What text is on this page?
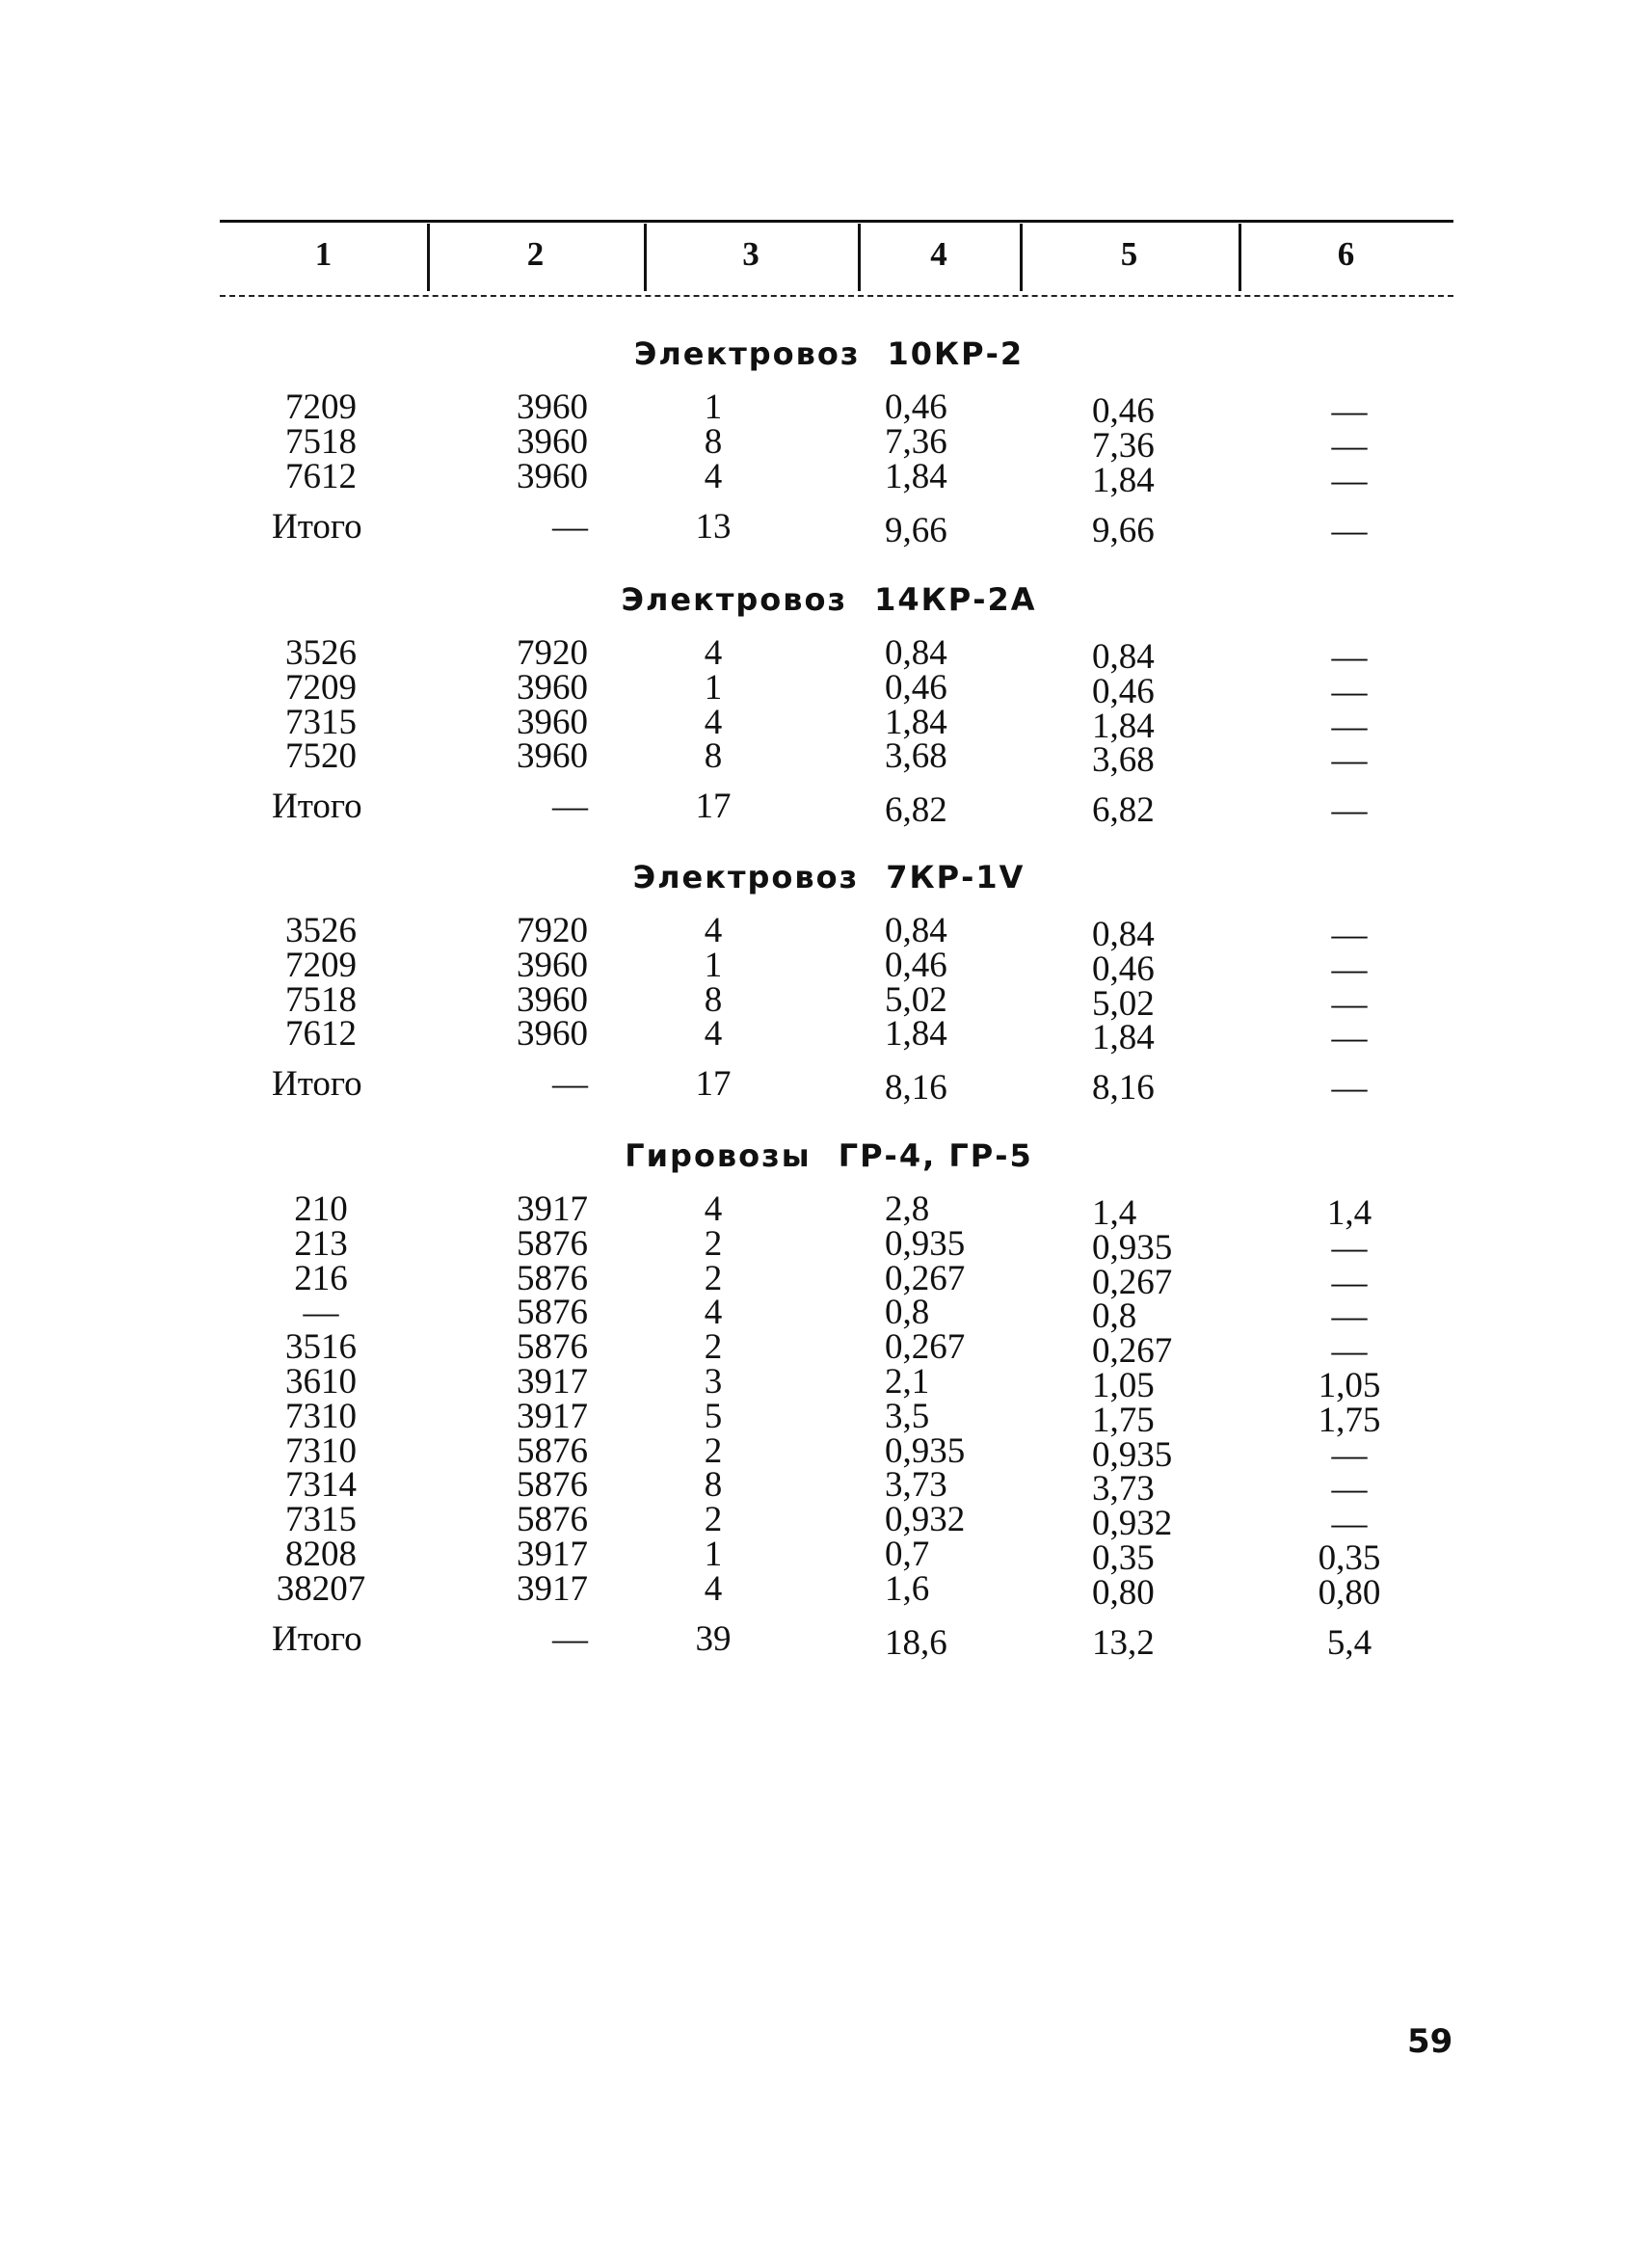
1	2	3	4	5	6
Электровоз 10КР-2
7209	3960	1	0,46	0,46	—
7518	3960	8	7,36	7,36	—
7612	3960	4	1,84	1,84	—
Итого	—	13	9,66	9,66	—
Электровоз 14КР-2А
3526	7920	4	0,84	0,84	—
7209	3960	1	0,46	0,46	—
7315	3960	4	1,84	1,84	—
7520	3960	8	3,68	3,68	—
Итого	—	17	6,82	6,82	—
Электровоз 7КР-1V
3526	7920	4	0,84	0,84	—
7209	3960	1	0,46	0,46	—
7518	3960	8	5,02	5,02	—
7612	3960	4	1,84	1,84	—
Итого	—	17	8,16	8,16	—
Гировозы ГР-4, ГР-5
210	3917	4	2,8	1,4	1,4
213	5876	2	0,935	0,935	—
216	5876	2	0,267	0,267	—
—	5876	4	0,8	0,8	—
3516	5876	2	0,267	0,267	—
3610	3917	3	2,1	1,05	1,05
7310	3917	5	3,5	1,75	1,75
7310	5876	2	0,935	0,935	—
7314	5876	8	3,73	3,73	—
7315	5876	2	0,932	0,932	—
8208	3917	1	0,7	0,35	0,35
38207	3917	4	1,6	0,80	0,80
Итого	—	39	18,6	13,2	5,4
59
